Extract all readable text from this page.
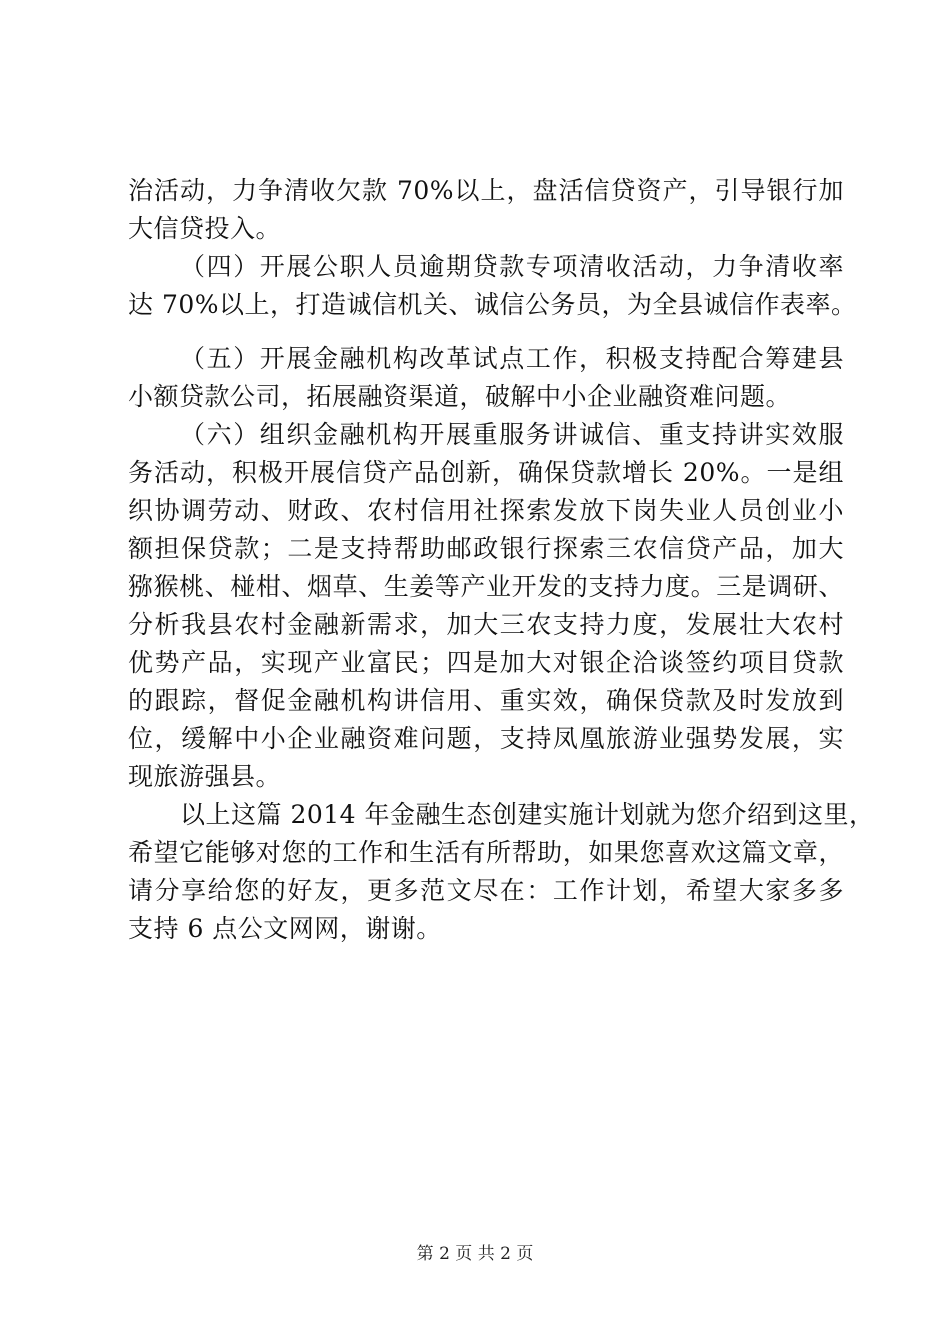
治活动，力争清收欠款 70%以上，盘活信贷资产，引导银行加
大信贷投入。
（四）开展公职人员逾期贷款专项清收活动，力争清收率
达 70%以上，打造诚信机关、诚信公务员，为全县诚信作表率。
（五）开展金融机构改革试点工作，积极支持配合筹建县
小额贷款公司，拓展融资渠道，破解中小企业融资难问题。
（六）组织金融机构开展重服务讲诚信、重支持讲实效服
务活动，积极开展信贷产品创新，确保贷款增长 20%。一是组
织协调劳动、财政、农村信用社探索发放下岗失业人员创业小
额担保贷款；二是支持帮助邮政银行探索三农信贷产品，加大
猕猴桃、椪柑、烟草、生姜等产业开发的支持力度。三是调研、
分析我县农村金融新需求，加大三农支持力度，发展壮大农村
优势产品，实现产业富民；四是加大对银企洽谈签约项目贷款
的跟踪，督促金融机构讲信用、重实效，确保贷款及时发放到
位，缓解中小企业融资难问题，支持凤凰旅游业强势发展，实
现旅游强县。
以上这篇 2014 年金融生态创建实施计划就为您介绍到这里，
希望它能够对您的工作和生活有所帮助，如果您喜欢这篇文章，
请分享给您的好友，更多范文尽在：工作计划，希望大家多多
支持 6 点公文网网，谢谢。
第 2 页 共 2 页
